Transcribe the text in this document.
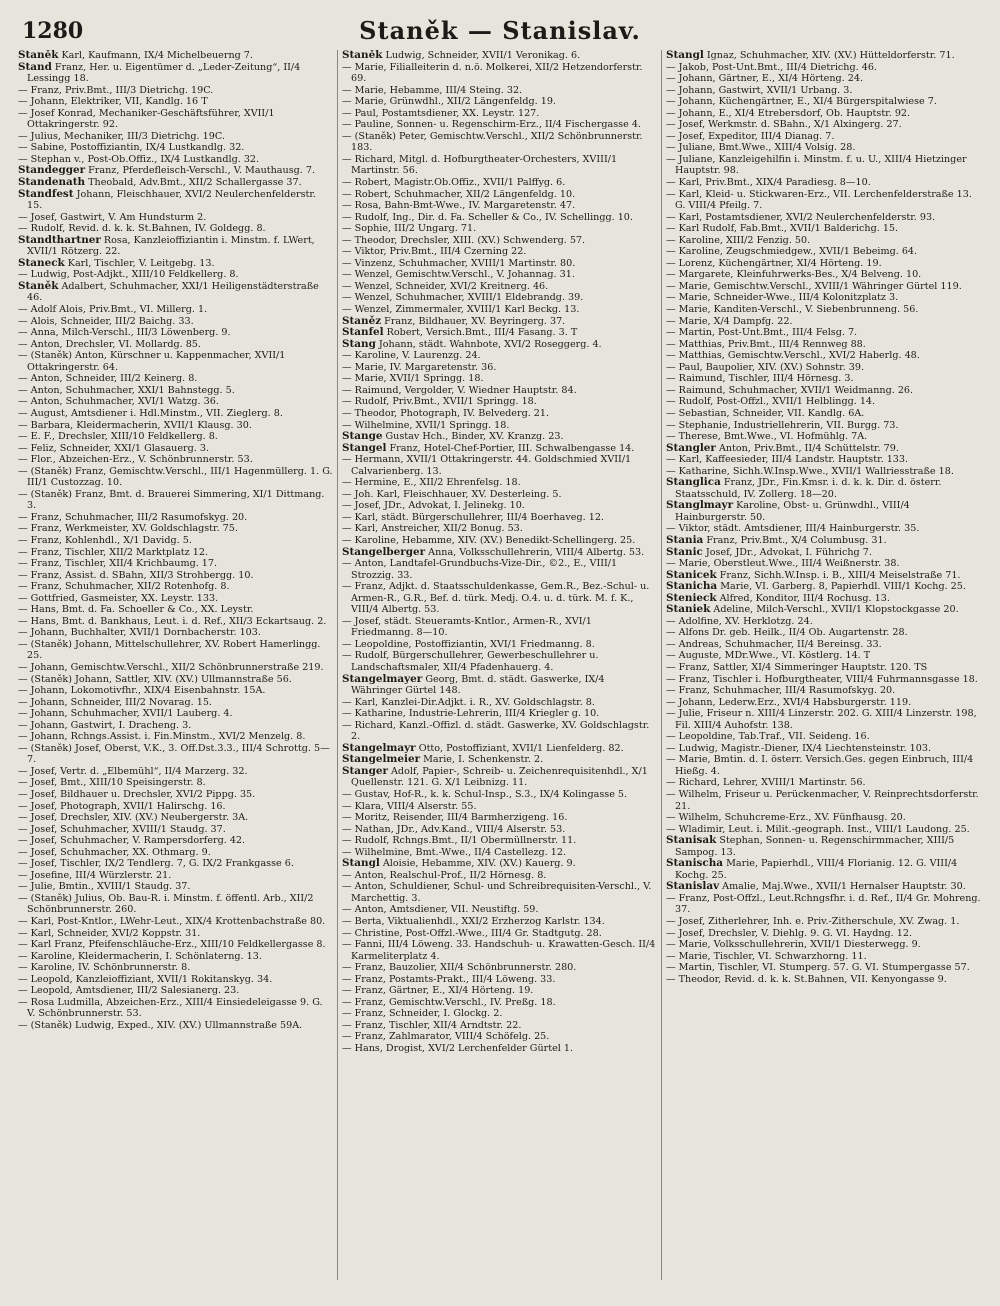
1280	Staněk — Stanislav.

Staněk Karl, Kaufmann, IX/4 Michelbeuerng 7.

Stand Franz, Her. u. Eigentümer d. „Leder-Zeitung“, II/4 Lessingg 18.

— Franz, Priv.Bmt., III/3 Dietrichg. 19C.

— Johann, Elektriker, VII, Kandlg. 16 T

— Josef Konrad, Mechaniker-Geschäftsführer, XVII/1 Ottakringerstr. 92.

— Julius, Mechaniker, III/3 Dietrichg. 19C.

— Sabine, Postoffiziantin, IX/4 Lustkandlg. 32.

— Stephan v., Post-Ob.Offiz., IX/4 Lustkandlg. 32.

Standegger Franz, Pferdefleisch-Verschl., V. Mauthausg. 7.

Standenath Theobald, Adv.Bmt., XII/2 Schallergasse 37.

Standfest Johann, Fleischhauer, XVI/2 Neulerchenfelderstr. 15.

— Josef, Gastwirt, V. Am Hundsturm 2.

— Rudolf, Revid. d. k. k. St.Bahnen, IV. Goldegg. 8.

Standthartner Rosa, Kanzleioffiziantin i. Minstm. f. LWert, XVII/1 Rötzerg. 22.

Staneck Karl, Tischler, V. Leitgebg. 13.

— Ludwig, Post-Adjkt., XIII/10 Feldkellerg. 8.

Staněk Adalbert, Schuhmacher, XXI/1 Heiligenstädterstraße 46.

— Adolf Alois, Priv.Bmt., VI. Millerg. 1.

— Alois, Schneider, III/2 Baichg. 33.

— Anna, Milch-Verschl., III/3 Löwenberg. 9.

— Anton, Drechsler, VI. Mollardg. 85.

— (Staněk) Anton, Kürschner u. Kappenmacher, XVII/1 Ottakringerstr. 64.

— Anton, Schneider, III/2 Keinerg. 8.

— Anton, Schuhmacher, XXI/1 Bahnstegg. 5.

— Anton, Schuhmacher, XVI/1 Watzg. 36.

— August, Amtsdiener i. Hdl.Minstm., VII. Zieglerg. 8.

— Barbara, Kleidermacherin, XVII/1 Klausg. 30.

— E. F., Drechsler, XIII/10 Feldkellerg. 8.

— Feliz, Schneider, XXI/1 Glasauerg. 3.

— Flor., Abzeichen-Erz., V. Schönbrunnerstr. 53.

— (Staněk) Franz, Gemischtw.Verschl., III/1 Hagenmüllerg. 1. G. III/1 Custozzag. 10.

— (Staněk) Franz, Bmt. d. Brauerei Simmering, XI/1 Dittmang. 3.

— Franz, Schuhmacher, III/2 Rasumofskyg. 20.

— Franz, Werkmeister, XV. Goldschlagstr. 75.

— Franz, Kohlenhdl., X/1 Davidg. 5.

— Franz, Tischler, XII/2 Marktplatz 12.

— Franz, Tischler, XII/4 Krichbaumg. 17.

— Franz, Assist. d. SBahn, XII/3 Strohbergg. 10.

— Franz, Schuhmacher, XII/2 Rotenhofg. 8.

— Gottfried, Gasmeister, XX. Leystr. 133.

— Hans, Bmt. d. Fa. Schoeller & Co., XX. Leystr.

— Hans, Bmt. d. Bankhaus, Leut. i. d. Ref., XII/3 Eckartsaug. 2.

— Johann, Buchhalter, XVII/1 Dornbacherstr. 103.

— (Staněk) Johann, Mittelschullehrer, XV. Robert Hamerlingg. 25.

— Johann, Gemischtw.Verschl., XII/2 Schönbrunnerstraße 219.

— (Staněk) Johann, Sattler, XIV. (XV.) Ullmannstraße 56.

— Johann, Lokomotivfhr., XIX/4 Eisenbahnstr. 15A.

— Johann, Schneider, III/2 Novarag. 15.

— Johann, Schuhmacher, XVII/1 Lauberg. 4.

— Johann, Gastwirt, I. Dracheng. 3.

— Johann, Rchngs.Assist. i. Fin.Minstm., XVI/2 Menzelg. 8.

— (Staněk) Josef, Oberst, V.K., 3. Off.Dst.3.3., III/4 Schrottg. 5—7.

— Josef, Vertr. d. „Elbemühl“, II/4 Marzerg. 32.

— Josef, Bmt., XIII/10 Speisingerstr. 8.

— Josef, Bildhauer u. Drechsler, XVI/2 Pippg. 35.

— Josef, Photograph, XVII/1 Halirschg. 16.

— Josef, Drechsler, XIV. (XV.) Neubergerstr. 3A.

— Josef, Schuhmacher, XVIII/1 Staudg. 37.

— Josef, Schuhmacher, V. Rampersdorferg. 42.

— Josef, Schuhmacher, XX. Othmarg. 9.

— Josef, Tischler, IX/2 Tendlerg. 7, G. IX/2 Frankgasse 6.

— Josefine, III/4 Würzlerstr. 21.

— Julie, Bmtin., XVIII/1 Staudg. 37.

— (Staněk) Julius, Ob. Bau-R. i. Minstm. f. öffentl. Arb., XII/2 Schönbrunnerstr. 260.

— Karl, Post-Kntlor., LWehr-Leut., XIX/4 Krottenbachstraße 80.

— Karl, Schneider, XVI/2 Koppstr. 31.

— Karl Franz, Pfeifenschläuche-Erz., XIII/10 Feldkellergasse 8.

— Karoline, Kleidermacherin, I. Schönlaterng. 13.

— Karoline, IV. Schönbrunnerstr. 8.

— Leopold, Kanzleioffiziant, XVII/1 Rokitanskyg. 34.

— Leopold, Amtsdiener, III/2 Salesianerg. 23.

— Rosa Ludmilla, Abzeichen-Erz., XIII/4 Einsiedeleigasse 9. G. V. Schönbrunnerstr. 53.

— (Staněk) Ludwig, Exped., XIV. (XV.) Ullmannstraße 59A.

Staněk Ludwig, Schneider, XVII/1 Veronikag. 6.

— Marie, Filialleiterin d. n.ö. Molkerei, XII/2 Hetzendorferstr. 69.

— Marie, Hebamme, III/4 Steing. 32.

— Marie, Grünwdhl., XII/2 Längenfeldg. 19.

— Paul, Postamtsdiener, XX. Leystr. 127.

— Pauline, Sonnen- u. Regenschirm-Erz., II/4 Fischergasse 4.

— (Staněk) Peter, Gemischtw.Verschl., XII/2 Schönbrunnerstr. 183.

— Richard, Mitgl. d. Hofburgtheater-Orchesters, XVIII/1 Martinstr. 56.

— Robert, Magistr.Ob.Offiz., XVII/1 Palffyg. 6.

— Robert, Schuhmacher, XII/2 Längenfeldg. 10.

— Rosa, Bahn-Bmt-Wwe., IV. Margaretenstr. 47.

— Rudolf, Ing., Dir. d. Fa. Scheller & Co., IV. Schellingg. 10.

— Sophie, III/2 Ungarg. 71.

— Theodor, Drechsler, XIII. (XV.) Schwenderg. 57.

— Viktor, Priv.Bmt., III/4 Czerning 22.

— Vinzenz, Schuhmacher, XVIII/1 Martinstr. 80.

— Wenzel, Gemischtw.Verschl., V. Johannag. 31.

— Wenzel, Schneider, XVI/2 Kreitnerg. 46.

— Wenzel, Schuhmacher, XVIII/1 Eldebrandg. 39.

— Wenzel, Zimmermaler, XVIII/1 Karl Beckg. 13.

Staněz Franz, Bildhauer, XV. Beyringerg. 37.

Stanfel Robert, Versich.Bmt., III/4 Fasang. 3. T

Stang Johann, städt. Wahnbote, XVI/2 Roseggerg. 4.

— Karoline, V. Laurenzg. 24.

— Marie, IV. Margaretenstr. 36.

— Marie, XVII/1 Springg. 18.

— Raimund, Vergolder, V. Wiedner Hauptstr. 84.

— Rudolf, Priv.Bmt., XVII/1 Springg. 18.

— Theodor, Photograph, IV. Belvederg. 21.

— Wilhelmine, XVII/1 Springg. 18.

Stange Gustav Hch., Binder, XV. Kranzg. 23.

Stangel Franz, Hotel-Chef-Portier, III. Schwalbengasse 14.

— Hermann, XVII/1 Ottakringerstr. 44. Goldschmied XVII/1 Calvarienberg. 13.

— Hermine, E., XII/2 Ehrenfelsg. 18.

— Joh. Karl, Fleischhauer, XV. Desterleing. 5.

— Josef, JDr., Advokat, I. Jelinekg. 10.

— Karl, städt. Bürgerschullehrer, III/4 Boerhaveg. 12.

— Karl, Anstreicher, XII/2 Bonug. 53.

— Karoline, Hebamme, XIV. (XV.) Benedikt-Schellingerg. 25.

Stangelberger Anna, Volksschullehrerin, VIII/4 Albertg. 53.

— Anton, Landtafel-Grundbuchs-Vize-Dir., ©2., E., VIII/1 Strozzig. 33.

— Franz, Adjkt. d. Staatsschuldenkasse, Gem.R., Bez.-Schul- u. Armen-R., G.R., Bef. d. türk. Medj. O.4. u. d. türk. M. f. K., VIII/4 Albertg. 53.

— Josef, städt. Steueramts-Kntlor., Armen-R., XVI/1 Friedmanng. 8—10.

— Leopoldine, Postoffiziantin, XVI/1 Friedmanng. 8.

— Rudolf, Bürgerschullehrer, Gewerbeschullehrer u. Landschaftsmaler, XII/4 Pfadenhauerg. 4.

Stangelmayer Georg, Bmt. d. städt. Gaswerke, IX/4 Währinger Gürtel 148.

— Karl, Kanzlei-Dir.Adjkt. i. R., XV. Goldschlagstr. 8.

— Katharine, Industrie-Lehrerin, III/4 Kriegler g. 10.

— Richard, Kanzl.-Offizl. d. städt. Gaswerke, XV. Goldschlagstr. 2.

Stangelmayr Otto, Postoffiziant, XVII/1 Lienfelderg. 82.

Stangelmeier Marie, I. Schenkenstr. 2.

Stanger Adolf, Papier-, Schreib- u. Zeichenrequisitenhdl., X/1 Quellenstr. 121. G. X/1 Leibnizg. 11.

— Gustav, Hof-R., k. k. Schul-Insp., S.3., IX/4 Kolingasse 5.

— Klara, VIII/4 Alserstr. 55.

— Moritz, Reisender, III/4 Barmherzigeng. 16.

— Nathan, JDr., Adv.Kand., VIII/4 Alserstr. 53.

— Rudolf, Rchngs.Bmt., II/1 Obermüllnerstr. 11.

— Wilhelmine, Bmt.-Wwe., II/4 Castellezg. 12.

Stangl Aloisie, Hebamme, XIV. (XV.) Kauerg. 9.

— Anton, Realschul-Prof., II/2 Hörnesg. 8.

— Anton, Schuldiener, Schul- und Schreibrequisiten-Verschl., V. Marchettig. 3.

— Anton, Amtsdiener, VII. Neustiftg. 59.

— Berta, Viktualienhdl., XXI/2 Erzherzog Karlstr. 134.

— Christine, Post-Offzl.-Wwe., III/4 Gr. Stadtgutg. 28.

— Fanni, III/4 Löweng. 33. Handschuh- u. Krawatten-Gesch. II/4 Karmeliterplatz 4.

— Franz, Bauzolier, XII/4 Schönbrunnerstr. 280.

— Franz, Postamts-Prakt., III/4 Löweng. 33.

— Franz, Gärtner, E., XI/4 Hörteng. 19.

— Franz, Gemischtw.Verschl., IV. Preßg. 18.

— Franz, Schneider, I. Glockg. 2.

— Franz, Tischler, XII/4 Arndtstr. 22.

— Franz, Zahlmarator, VIII/4 Schöfelg. 25.

— Hans, Drogist, XVI/2 Lerchenfelder Gürtel 1.

Stangl Ignaz, Schuhmacher, XIV. (XV.) Hütteldorferstr. 71.

— Jakob, Post-Unt.Bmt., III/4 Dietrichg. 46.

— Johann, Gärtner, E., XI/4 Hörteng. 24.

— Johann, Gastwirt, XVII/1 Urbang. 3.

— Johann, Küchengärtner, E., XI/4 Bürgerspitalwiese 7.

— Johann, E., XI/4 Etrebersdorf, Ob. Hauptstr. 92.

— Josef, Werkmstr. d. SBahn., X/1 Alxingerg. 27.

— Josef, Expeditor, III/4 Dianag. 7.

— Juliane, Bmt.Wwe., XIII/4 Volsig. 28.

— Juliane, Kanzleigehilfin i. Minstm. f. u. U., XIII/4 Hietzinger Hauptstr. 98.

— Karl, Priv.Bmt., XIX/4 Paradiesg. 8—10.

— Karl, Kleid- u. Stickwaren-Erz., VII. Lerchenfelderstraße 13. G. VIII/4 Pfeilg. 7.

— Karl, Postamtsdiener, XVI/2 Neulerchenfelderstr. 93.

— Karl Rudolf, Fab.Bmt., XVII/1 Balderichg. 15.

— Karoline, XIII/2 Fenzig. 50.

— Karoline, Zeugschmiedgew., XVII/1 Bebeimg. 64.

— Lorenz, Küchengärtner, XI/4 Hörteng. 19.

— Margarete, Kleinfuhrwerks-Bes., X/4 Belveng. 10.

— Marie, Gemischtw.Verschl., XVIII/1 Währinger Gürtel 119.

— Marie, Schneider-Wwe., III/4 Kolonitzplatz 3.

— Marie, Kanditen-Verschl., V. Siebenbrunneng. 56.

— Marie, X/4 Dampfg. 22.

— Martin, Post-Unt.Bmt., III/4 Felsg. 7.

— Matthias, Priv.Bmt., III/4 Rennweg 88.

— Matthias, Gemischtw.Verschl., XVI/2 Haberlg. 48.

— Paul, Baupolier, XIV. (XV.) Sohnstr. 39.

— Raimund, Tischler, III/4 Hörnesg. 3.

— Raimund, Schuhmacher, XVII/1 Weidmanng. 26.

— Rudolf, Post-Offzl., XVII/1 Helblingg. 14.

— Sebastian, Schneider, VII. Kandlg. 6A.

— Stephanie, Industriellehrerin, VII. Burgg. 73.

— Therese, Bmt.Wwe., VI. Hofmühlg. 7A.

Stangler Anton, Priv.Bmt., II/4 Schüttelstr. 79.

— Karl, Kaffeesieder, III/4 Landstr. Hauptstr. 133.

— Katharine, Sichh.W.Insp.Wwe., XVII/1 Wallriesstraße 18.

Stanglica Franz, JDr., Fin.Kmsr. i. d. k. k. Dir. d. österr. Staatsschuld, IV. Zollerg. 18—20.

Stanglmayr Karoline, Obst- u. Grünwdhl., VIII/4 Hainburgerstr. 50.

— Viktor, städt. Amtsdiener, III/4 Hainburgerstr. 35.

Stania Franz, Priv.Bmt., X/4 Columbusg. 31.

Stanic Josef, JDr., Advokat, I. Führichg 7.

— Marie, Oberstleut.Wwe., III/4 Weißnerstr. 38.

Stanicek Franz, Sichh.W.Insp. i. B., XIII/4 Meiselstraße 71.

Stanicha Marie, VI. Garberg. 8, Papierhdl. VIII/1 Kochg. 25.

Stenieck Alfred, Konditor, III/4 Rochusg. 13.

Staniek Adeline, Milch-Verschl., XVII/1 Klopstockgasse 20.

— Adolfine, XV. Herklotzg. 24.

— Alfons Dr. geb. Heilk., II/4 Ob. Augartenstr. 28.

— Andreas, Schuhmacher, II/4 Bereinsg. 33.

— Auguste, MDr.Wwe., VI. Köstlerg. 14. T

— Franz, Sattler, XI/4 Simmeringer Hauptstr. 120. TS

— Franz, Tischler i. Hofburgtheater, VIII/4 Fuhrmannsgasse 18.

— Franz, Schuhmacher, III/4 Rasumofskyg. 20.

— Johann, Lederw.Erz., XVI/4 Habsburgerstr. 119.

— Julie, Friseur n. XIII/4 Linzerstr. 202. G. XIII/4 Linzerstr. 198, Fil. XIII/4 Auhofstr. 138.

— Leopoldine, Tab.Traf., VII. Seideng. 16.

— Ludwig, Magistr.-Diener, IX/4 Liechtensteinstr. 103.

— Marie, Bmtin. d. I. österr. Versich.Ges. gegen Einbruch, III/4 Hießg. 4.

— Richard, Lehrer, XVIII/1 Martinstr. 56.

— Wilhelm, Friseur u. Perückenmacher, V. Reinprechtsdorferstr. 21.

— Wilhelm, Schuhcreme-Erz., XV. Fünfhausg. 20.

— Wladimir, Leut. i. Milit.-geograph. Inst., VIII/1 Laudong. 25.

Stanisak Stephan, Sonnen- u. Regenschirmmacher, XIII/5 Sampog. 13.

Stanischa Marie, Papierhdl., VIII/4 Florianig. 12. G. VIII/4 Kochg. 25.

Stanislav Amalie, Maj.Wwe., XVII/1 Hernalser Hauptstr. 30.

— Franz, Post-Offzl., Leut.Rchngsfhr. i. d. Ref., II/4 Gr. Mohreng. 37.

— Josef, Zitherlehrer, Inh. e. Priv.-Zitherschule, XV. Zwag. 1.

— Josef, Drechsler, V. Diehlg. 9. G. VI. Haydng. 12.

— Marie, Volksschullehrerin, XVII/1 Diesterwegg. 9.

— Marie, Tischler, VI. Schwarzhorng. 11.

— Martin, Tischler, VI. Stumperg. 57. G. VI. Stumpergasse 57.

— Theodor, Revid. d. k. k. St.Bahnen, VII. Kenyongasse 9.
